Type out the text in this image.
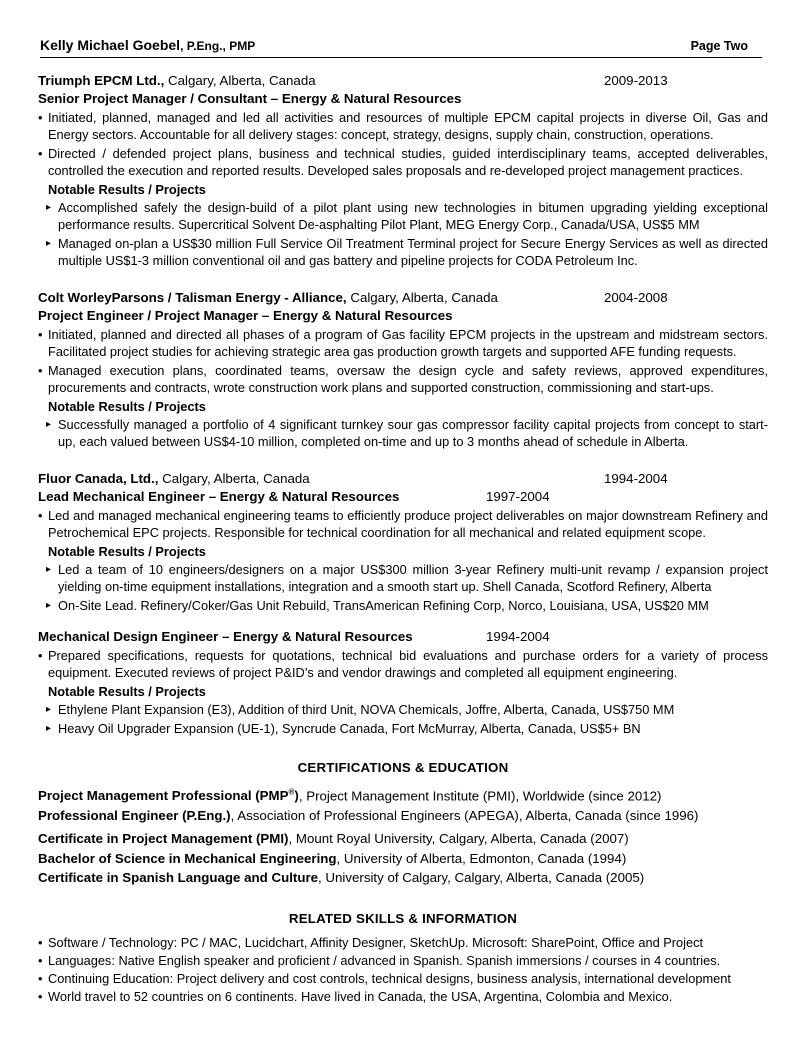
Kelly Michael Goebel, P.Eng., PMP	Page Two
Triumph EPCM Ltd., Calgary, Alberta, Canada	2009-2013
Senior Project Manager / Consultant – Energy & Natural Resources
• Initiated, planned, managed and led all activities and resources of multiple EPCM capital projects in diverse Oil, Gas and Energy sectors. Accountable for all delivery stages: concept, strategy, designs, supply chain, construction, operations.
• Directed / defended project plans, business and technical studies, guided interdisciplinary teams, accepted deliverables, controlled the execution and reported results. Developed sales proposals and re-developed project management practices.
Notable Results / Projects
▸ Accomplished safely the design-build of a pilot plant using new technologies in bitumen upgrading yielding exceptional performance results. Supercritical Solvent De-asphalting Pilot Plant, MEG Energy Corp., Canada/USA, US$5 MM
▸ Managed on-plan a US$30 million Full Service Oil Treatment Terminal project for Secure Energy Services as well as directed multiple US$1-3 million conventional oil and gas battery and pipeline projects for CODA Petroleum Inc.
Colt WorleyParsons / Talisman Energy - Alliance, Calgary, Alberta, Canada	2004-2008
Project Engineer / Project Manager – Energy & Natural Resources
• Initiated, planned and directed all phases of a program of Gas facility EPCM projects in the upstream and midstream sectors. Facilitated project studies for achieving strategic area gas production growth targets and supported AFE funding requests.
• Managed execution plans, coordinated teams, oversaw the design cycle and safety reviews, approved expenditures, procurements and contracts, wrote construction work plans and supported construction, commissioning and start-ups.
Notable Results / Projects
▸ Successfully managed a portfolio of 4 significant turnkey sour gas compressor facility capital projects from concept to start-up, each valued between US$4-10 million, completed on-time and up to 3 months ahead of schedule in Alberta.
Fluor Canada, Ltd., Calgary, Alberta, Canada	1994-2004
Lead Mechanical Engineer – Energy & Natural Resources	1997-2004
• Led and managed mechanical engineering teams to efficiently produce project deliverables on major downstream Refinery and Petrochemical EPC projects. Responsible for technical coordination for all mechanical and related equipment scope.
Notable Results / Projects
▸ Led a team of 10 engineers/designers on a major US$300 million 3-year Refinery multi-unit revamp / expansion project yielding on-time equipment installations, integration and a smooth start up. Shell Canada, Scotford Refinery, Alberta
▸ On-Site Lead. Refinery/Coker/Gas Unit Rebuild, TransAmerican Refining Corp, Norco, Louisiana, USA, US$20 MM
Mechanical Design Engineer – Energy & Natural Resources	1994-2004
• Prepared specifications, requests for quotations, technical bid evaluations and purchase orders for a variety of process equipment. Executed reviews of project P&ID’s and vendor drawings and completed all equipment engineering.
Notable Results / Projects
▸ Ethylene Plant Expansion (E3), Addition of third Unit, NOVA Chemicals, Joffre, Alberta, Canada, US$750 MM
▸ Heavy Oil Upgrader Expansion (UE-1), Syncrude Canada, Fort McMurray, Alberta, Canada, US$5+ BN
CERTIFICATIONS & EDUCATION
Project Management Professional (PMP®), Project Management Institute (PMI), Worldwide (since 2012)
Professional Engineer (P.Eng.), Association of Professional Engineers (APEGA), Alberta, Canada (since 1996)
Certificate in Project Management (PMI), Mount Royal University, Calgary, Alberta, Canada (2007)
Bachelor of Science in Mechanical Engineering, University of Alberta, Edmonton, Canada (1994)
Certificate in Spanish Language and Culture, University of Calgary, Calgary, Alberta, Canada (2005)
RELATED SKILLS & INFORMATION
• Software / Technology: PC / MAC, Lucidchart, Affinity Designer, SketchUp. Microsoft: SharePoint, Office and Project
• Languages: Native English speaker and proficient / advanced in Spanish. Spanish immersions / courses in 4 countries.
• Continuing Education: Project delivery and cost controls, technical designs, business analysis, international development
• World travel to 52 countries on 6 continents. Have lived in Canada, the USA, Argentina, Colombia and Mexico.
